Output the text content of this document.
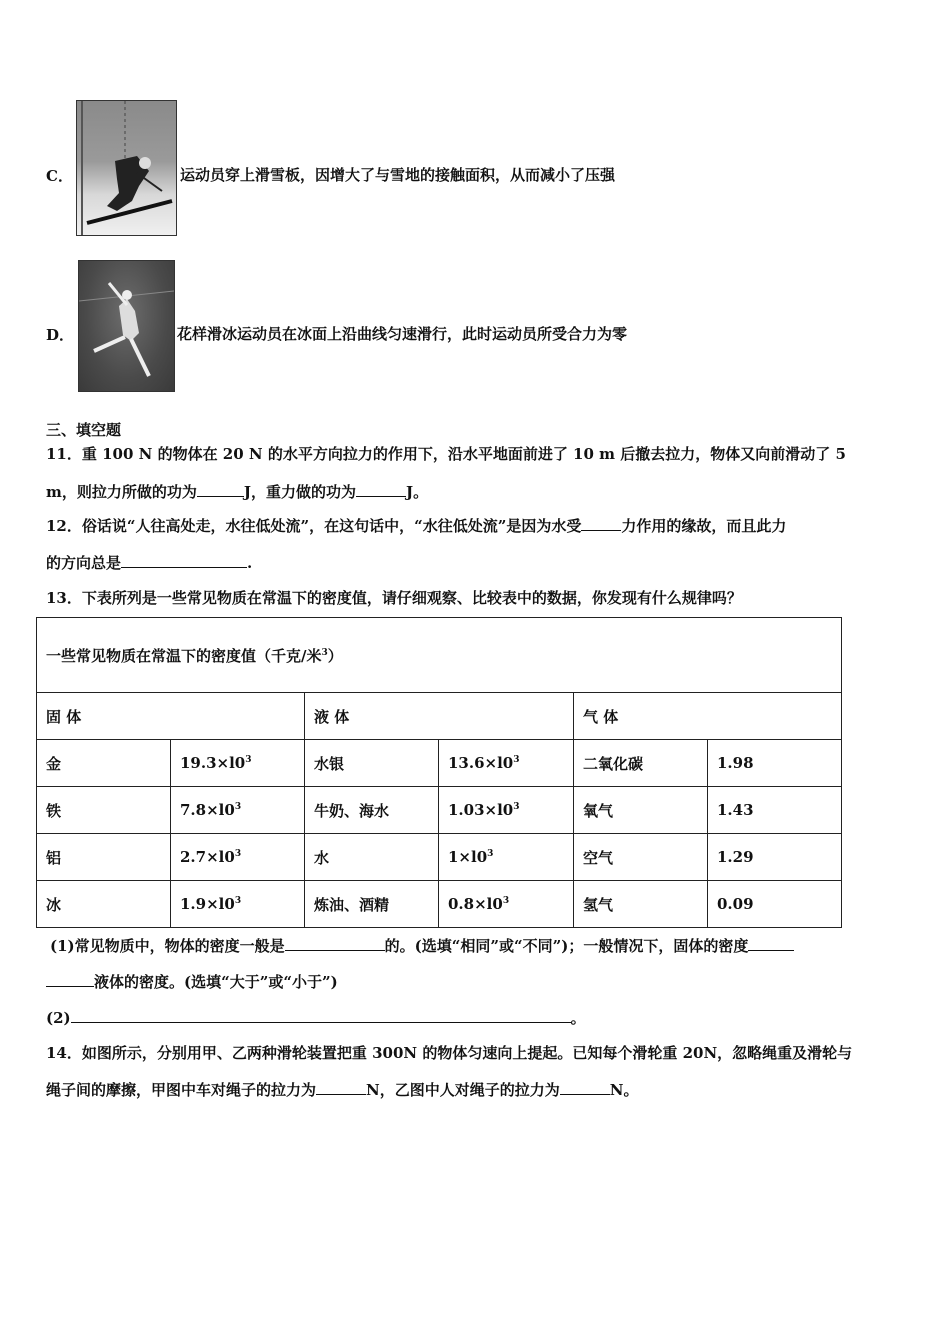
C．	运动员穿上滑雪板，因增大了与雪地的接触面积，从而减小了压强
D．	花样滑冰运动员在冰面上沿曲线匀速滑行，此时运动员所受合力为零
三、填空题
11．重 100 N 的物体在 20 N 的水平方向拉力的作用下，沿水平地面前进了 10 m 后撤去拉力，物体又向前滑动了 5
m，则拉力所做的功为	J，重力做的功为	J。
12．俗话说“人往高处走，水往低处流”，在这句话中，“水往低处流”是因为水受	力作用的缘故，而且此力
的方向总是	.
13．下表所列是一些常见物质在常温下的密度值，请仔细观察、比较表中的数据，你发现有什么规律吗？
一些常见物质在常温下的密度值（千克/米$^3$）					
固 体		液 体		气 体	
金	$19.3\times l0^3$	水银	$13.6\times l0^3$	二氧化碳	1.98
铁	$7.8\times l0^3$	牛奶、海水	$1.03\times l0^3$	氧气	1.43
铝	$2.7\times l0^3$	水	$1\times l0^3$	空气	1.29
冰	$1.9\times l0^3$	炼油、酒精	$0.8\times l0^3$	氢气	0.09
(1)常见物质中，物体的密度一般是	的。(选填“相同”或“不同”)；一般情况下，固体的密度
液体的密度。(选填“大于”或“小于”)
(2)	。
14．如图所示，分别用甲、乙两种滑轮装置把重 300N 的物体匀速向上提起。已知每个滑轮重 20N，忽略绳重及滑轮与
绳子间的摩擦，甲图中车对绳子的拉力为	N，乙图中人对绳子的拉力为	N。
